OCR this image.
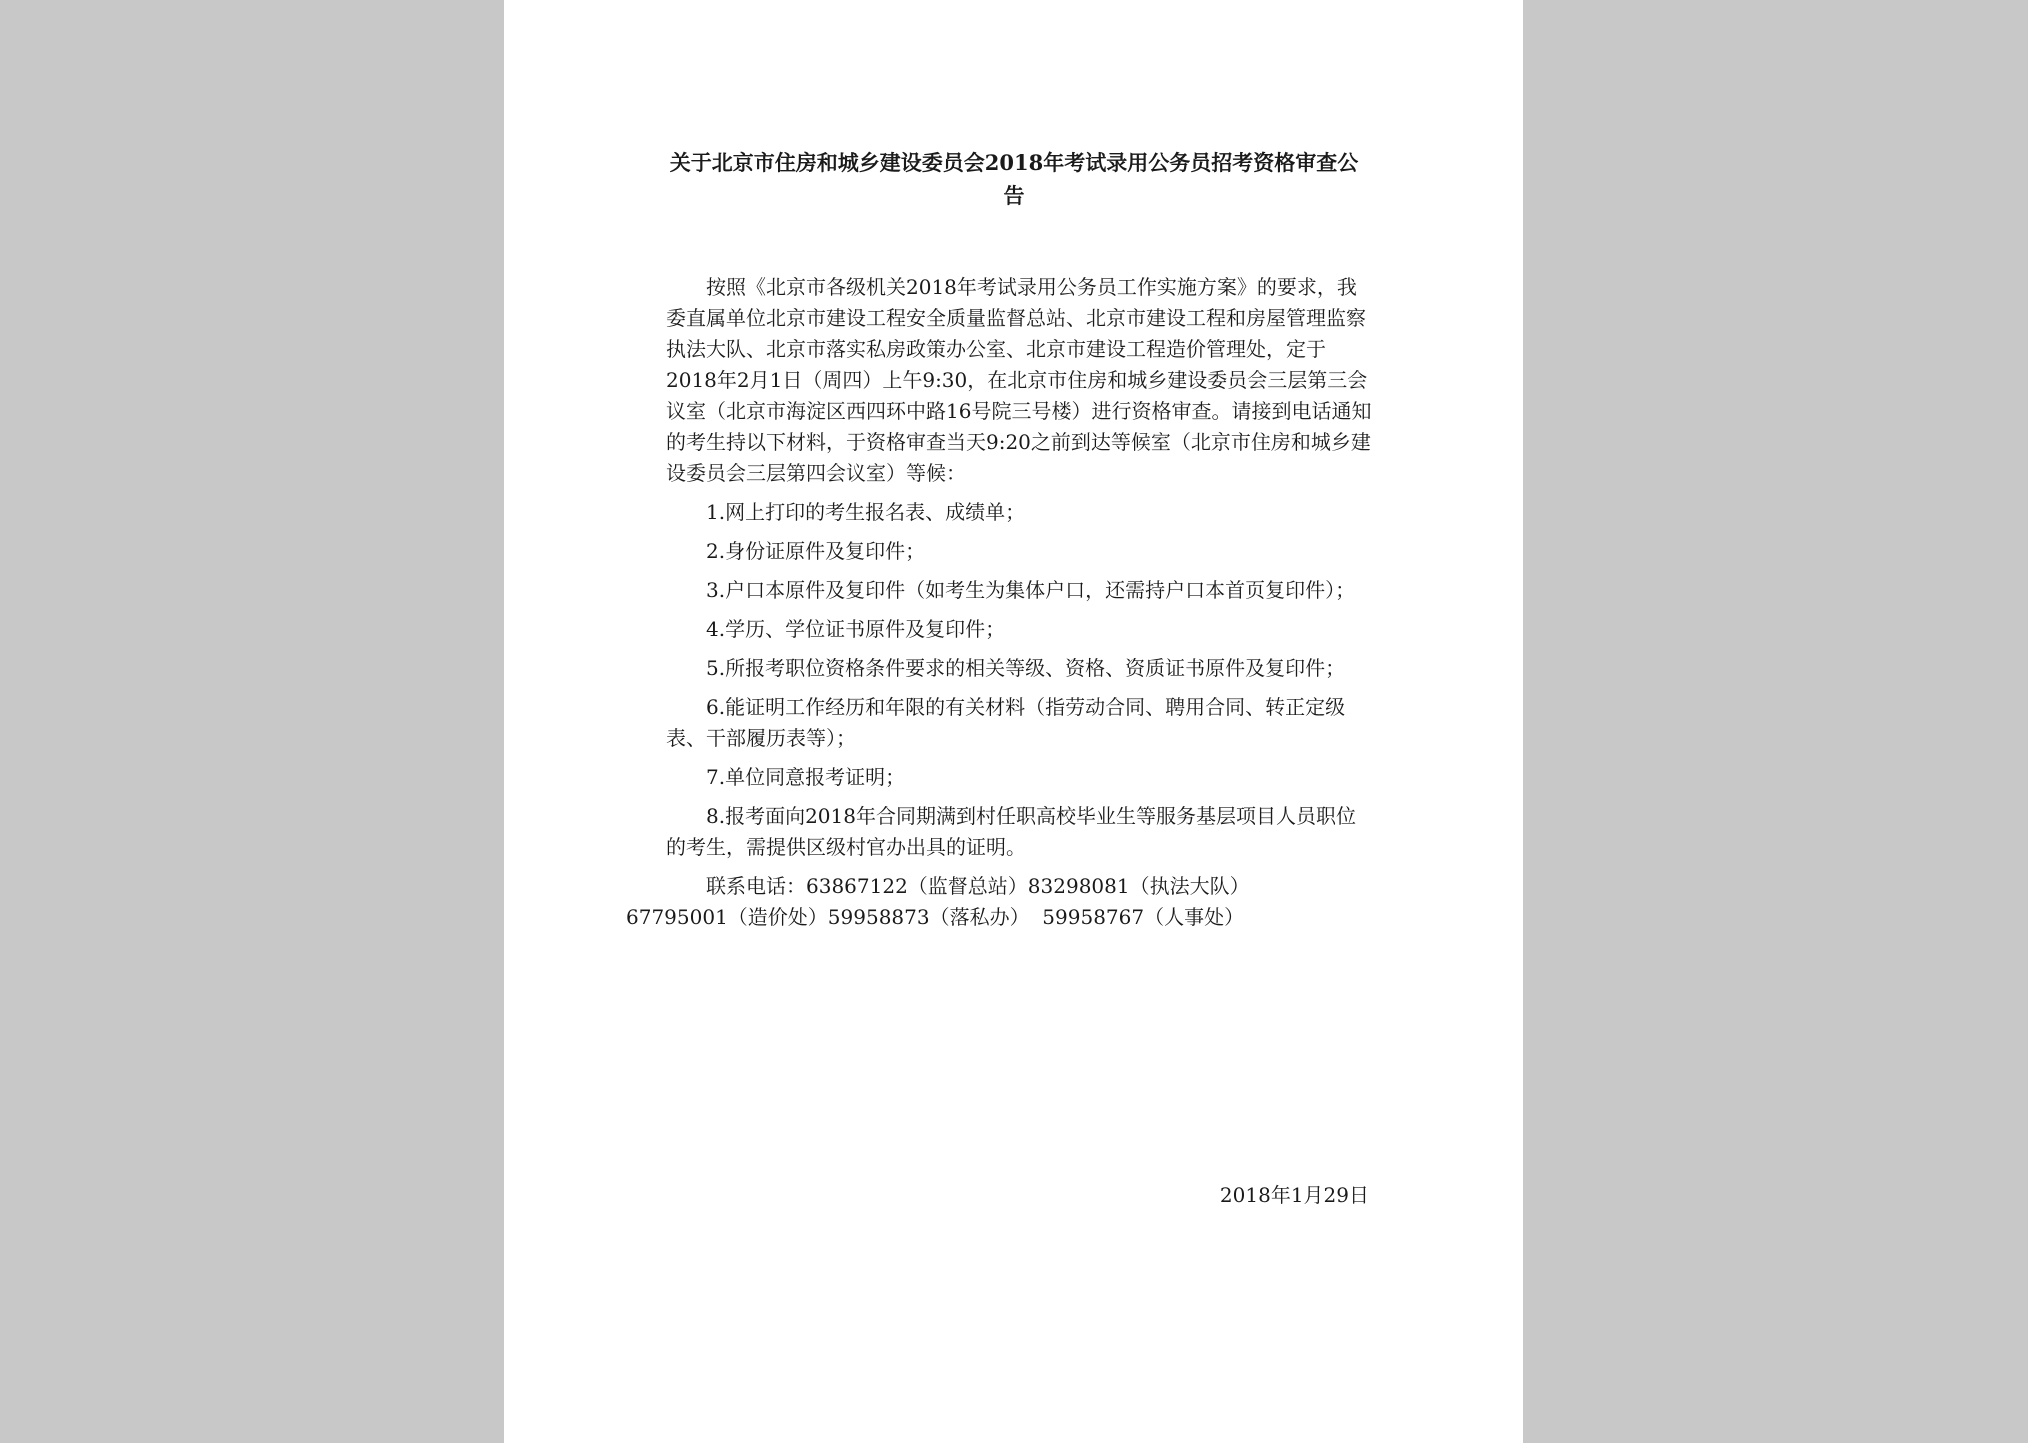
关于北京市住房和城乡建设委员会2018年考试录用公务员招考资格审查公告

按照《北京市各级机关2018年考试录用公务员工作实施方案》的要求，我委直属单位北京市建设工程安全质量监督总站、北京市建设工程和房屋管理监察执法大队、北京市落实私房政策办公室、北京市建设工程造价管理处，定于2018年2月1日（周四）上午9:30，在北京市住房和城乡建设委员会三层第三会议室（北京市海淀区西四环中路16号院三号楼）进行资格审查。请接到电话通知的考生持以下材料，于资格审查当天9:20之前到达等候室（北京市住房和城乡建设委员会三层第四会议室）等候：

1.网上打印的考生报名表、成绩单；

2.身份证原件及复印件；

3.户口本原件及复印件（如考生为集体户口，还需持户口本首页复印件）；

4.学历、学位证书原件及复印件；

5.所报考职位资格条件要求的相关等级、资格、资质证书原件及复印件；

6.能证明工作经历和年限的有关材料（指劳动合同、聘用合同、转正定级表、干部履历表等）；

7.单位同意报考证明；

8.报考面向2018年合同期满到村任职高校毕业生等服务基层项目人员职位的考生，需提供区级村官办出具的证明。

联系电话：63867122（监督总站）83298081（执法大队）
67795001（造价处）59958873（落私办）  59958767（人事处）

2018年1月29日
